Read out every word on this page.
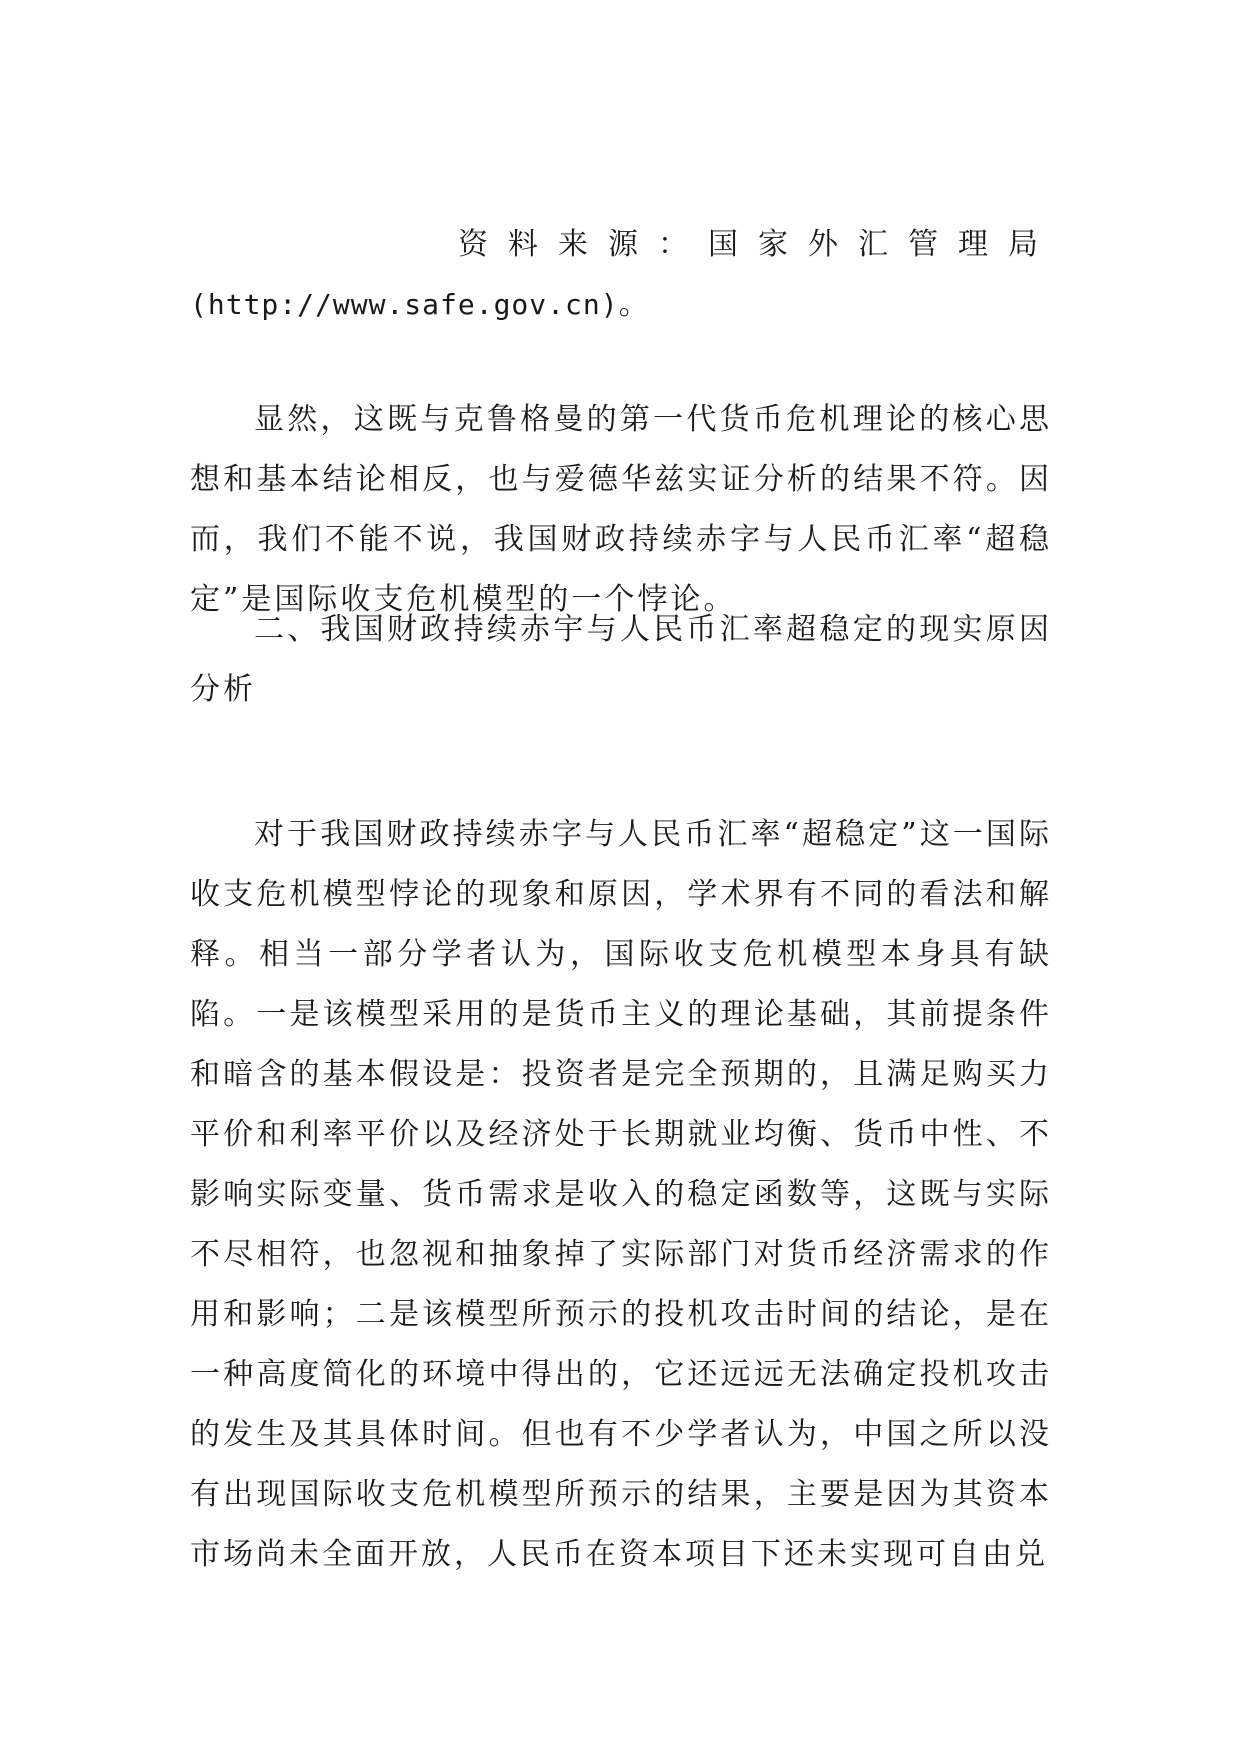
资料来源：国家外汇管理局(http://www.safe.gov.cn)。

显然，这既与克鲁格曼的第一代货币危机理论的核心思想和基本结论相反，也与爱德华兹实证分析的结果不符。因而，我们不能不说，我国财政持续赤字与人民币汇率“超稳定”是国际收支危机模型的一个悖论。

二、我国财政持续赤宇与人民币汇率超稳定的现实原因分析

对于我国财政持续赤字与人民币汇率“超稳定”这一国际收支危机模型悖论的现象和原因，学术界有不同的看法和解释。相当一部分学者认为，国际收支危机模型本身具有缺陷。一是该模型采用的是货币主义的理论基础，其前提条件和暗含的基本假设是：投资者是完全预期的，且满足购买力平价和利率平价以及经济处于长期就业均衡、货币中性、不影响实际变量、货币需求是收入的稳定函数等，这既与实际不尽相符，也忽视和抽象掉了实际部门对货币经济需求的作用和影响；二是该模型所预示的投机攻击时间的结论，是在一种高度简化的环境中得出的，它还远远无法确定投机攻击的发生及其具体时间。但也有不少学者认为，中国之所以没有出现国际收支危机模型所预示的结果，主要是因为其资本市场尚未全面开放，人民币在资本项目下还未实现可自由兑
